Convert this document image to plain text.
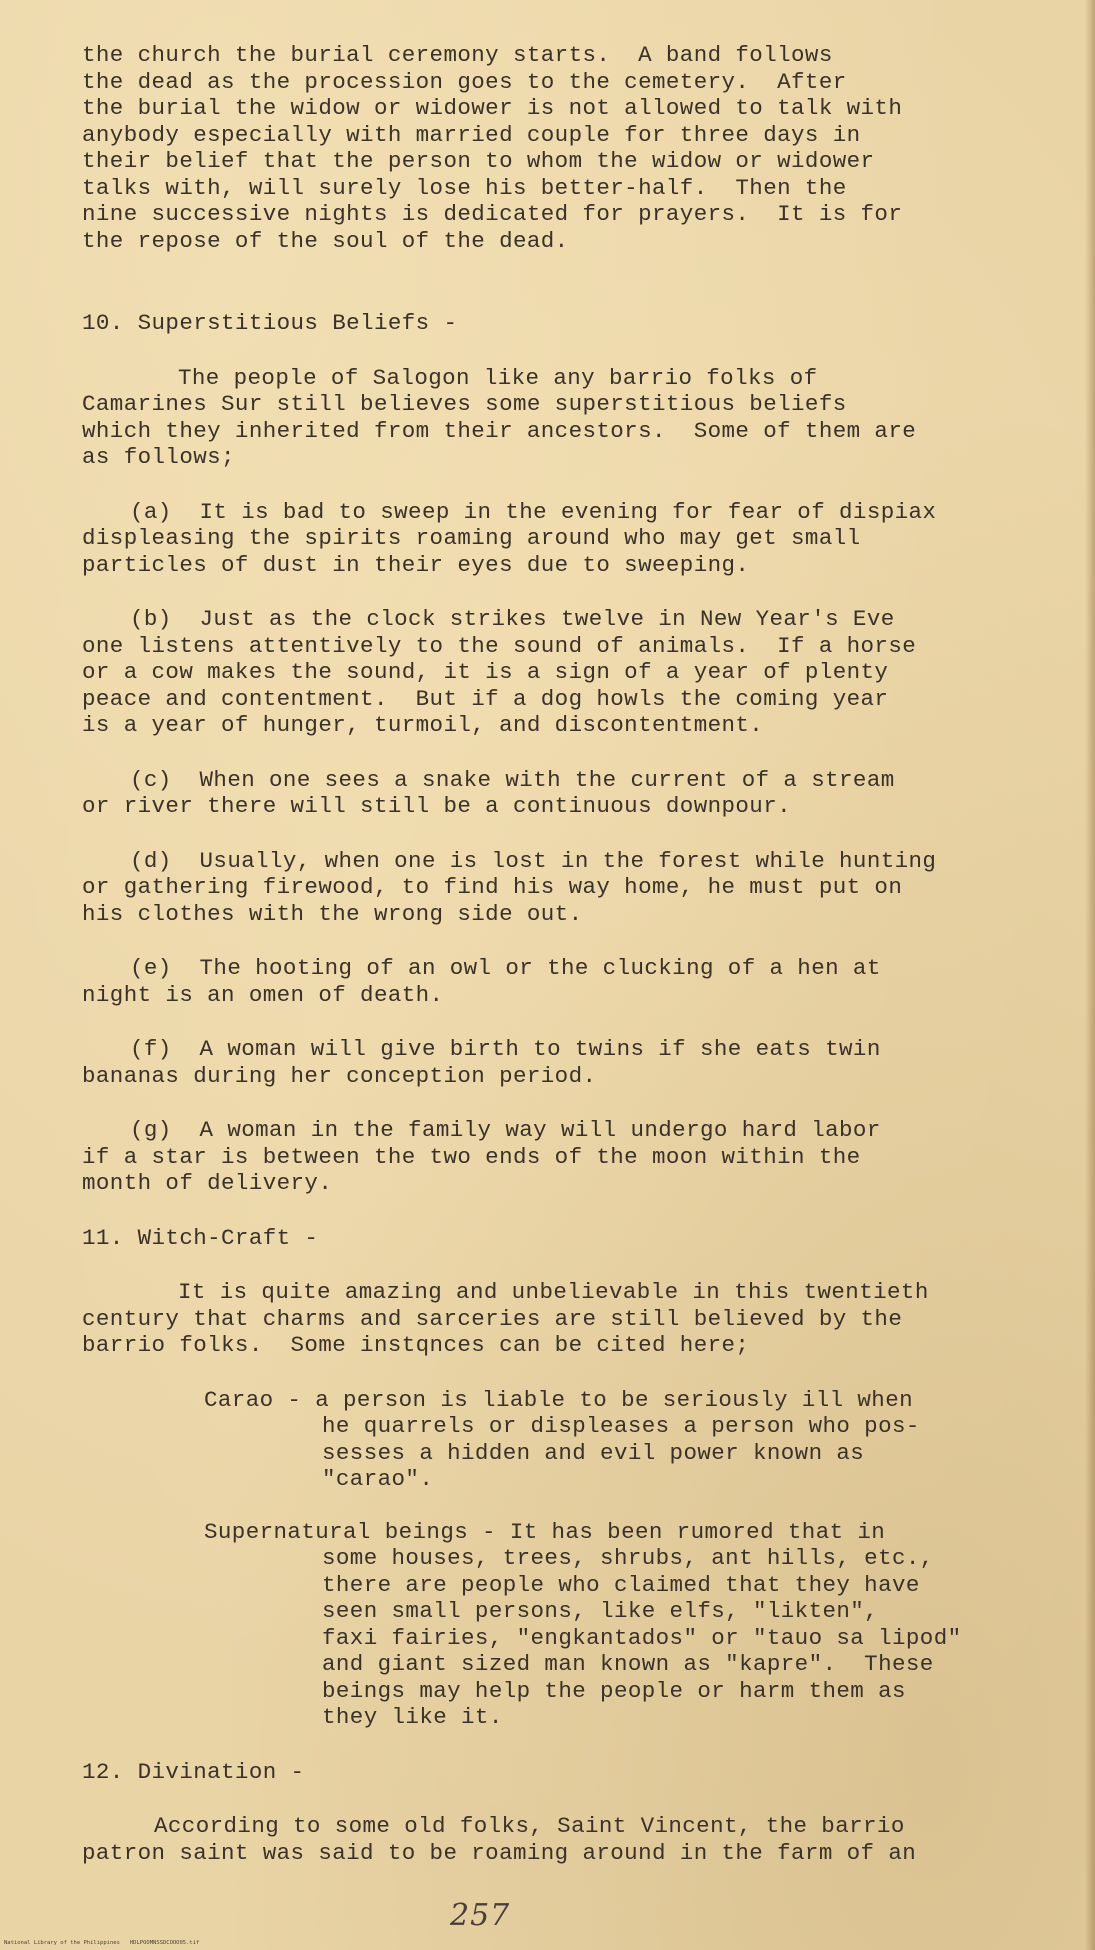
the church the burial ceremony starts.  A band follows
the dead as the procession goes to the cemetery.  After
the burial the widow or widower is not allowed to talk with
anybody especially with married couple for three days in
their belief that the person to whom the widow or widower
talks with, will surely lose his better-half.  Then the
nine successive nights is dedicated for prayers.  It is for
the repose of the soul of the dead.
10. Superstitious Beliefs -
The people of Salogon like any barrio folks of
Camarines Sur still believes some superstitious beliefs
which they inherited from their ancestors.  Some of them are
as follows;
(a)  It is bad to sweep in the evening for fear of dispiax
displeasing the spirits roaming around who may get small
particles of dust in their eyes due to sweeping.
(b)  Just as the clock strikes twelve in New Year's Eve
one listens attentively to the sound of animals.  If a horse
or a cow makes the sound, it is a sign of a year of plenty
peace and contentment.  But if a dog howls the coming year
is a year of hunger, turmoil, and discontentment.
(c)  When one sees a snake with the current of a stream
or river there will still be a continuous downpour.
(d)  Usually, when one is lost in the forest while hunting
or gathering firewood, to find his way home, he must put on
his clothes with the wrong side out.
(e)  The hooting of an owl or the clucking of a hen at
night is an omen of death.
(f)  A woman will give birth to twins if she eats twin
bananas during her conception period.
(g)  A woman in the family way will undergo hard labor
if a star is between the two ends of the moon within the
month of delivery.
11. Witch-Craft -
It is quite amazing and unbelievable in this twentieth
century that charms and sarceries are still believed by the
barrio folks.  Some instqnces can be cited here;
Carao - a person is liable to be seriously ill when
he quarrels or displeases a person who pos-
sesses a hidden and evil power known as
"carao".
Supernatural beings - It has been rumored that in
some houses, trees, shrubs, ant hills, etc.,
there are people who claimed that they have
seen small persons, like elfs, "likten",
faxi fairies, "engkantados" or "tauo sa lipod"
and giant sized man known as "kapre".  These
beings may help the people or harm them as
they like it.
12. Divination -
According to some old folks, Saint Vincent, the barrio
patron saint was said to be roaming around in the farm of an
257
National Library of the Philippines   HDLPOOMNSSDCOOO05.tif
